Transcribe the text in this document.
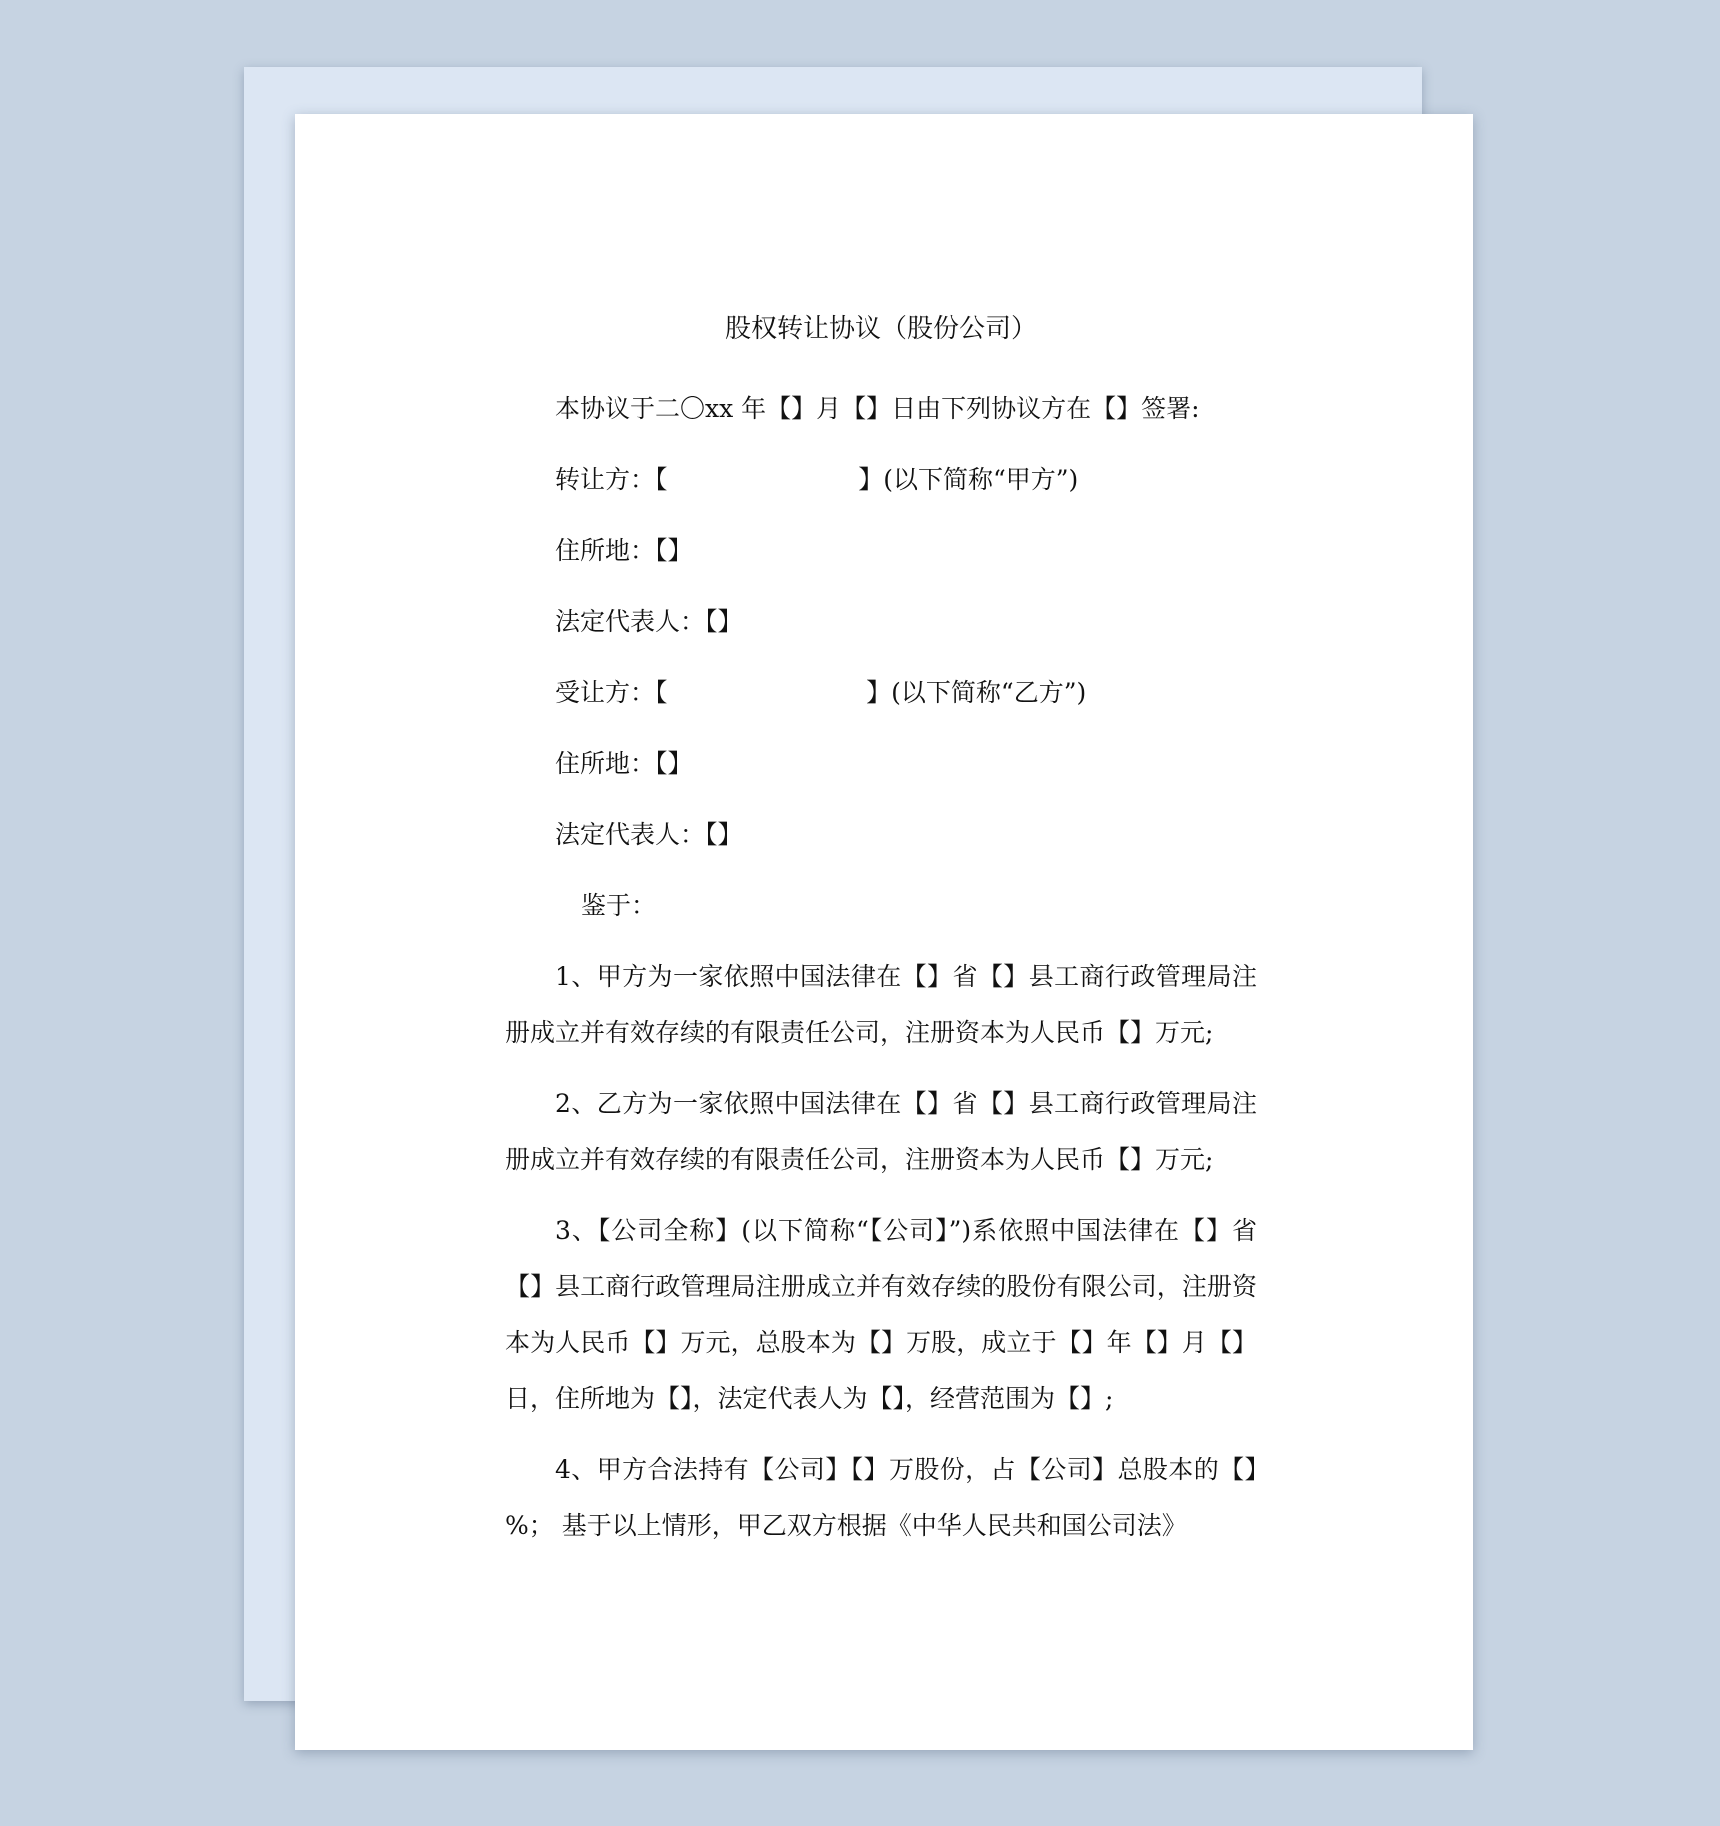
股权转让协议（股份公司）

本协议于二〇xx 年【】月【】日由下列协议方在【】签署:

转让方：【                        】(以下简称“甲方”)

住所地：【】

法定代表人：【】

受让方：【                         】(以下简称“乙方”)

住所地：【】

法定代表人：【】

鉴于：

1、甲方为一家依照中国法律在【】省【】县工商行政管理局注册成立并有效存续的有限责任公司，注册资本为人民币【】万元;

2、乙方为一家依照中国法律在【】省【】县工商行政管理局注册成立并有效存续的有限责任公司，注册资本为人民币【】万元;

3、【公司全称】(以下简称“【公司】”)系依照中国法律在【】省【】县工商行政管理局注册成立并有效存续的股份有限公司，注册资本为人民币【】万元，总股本为【】万股，成立于【】年【】月【】日，住所地为【】，法定代表人为【】，经营范围为【】;

4、甲方合法持有【公司】【】万股份，占【公司】总股本的【】%； 基于以上情形，甲乙双方根据《中华人民共和国公司法》
